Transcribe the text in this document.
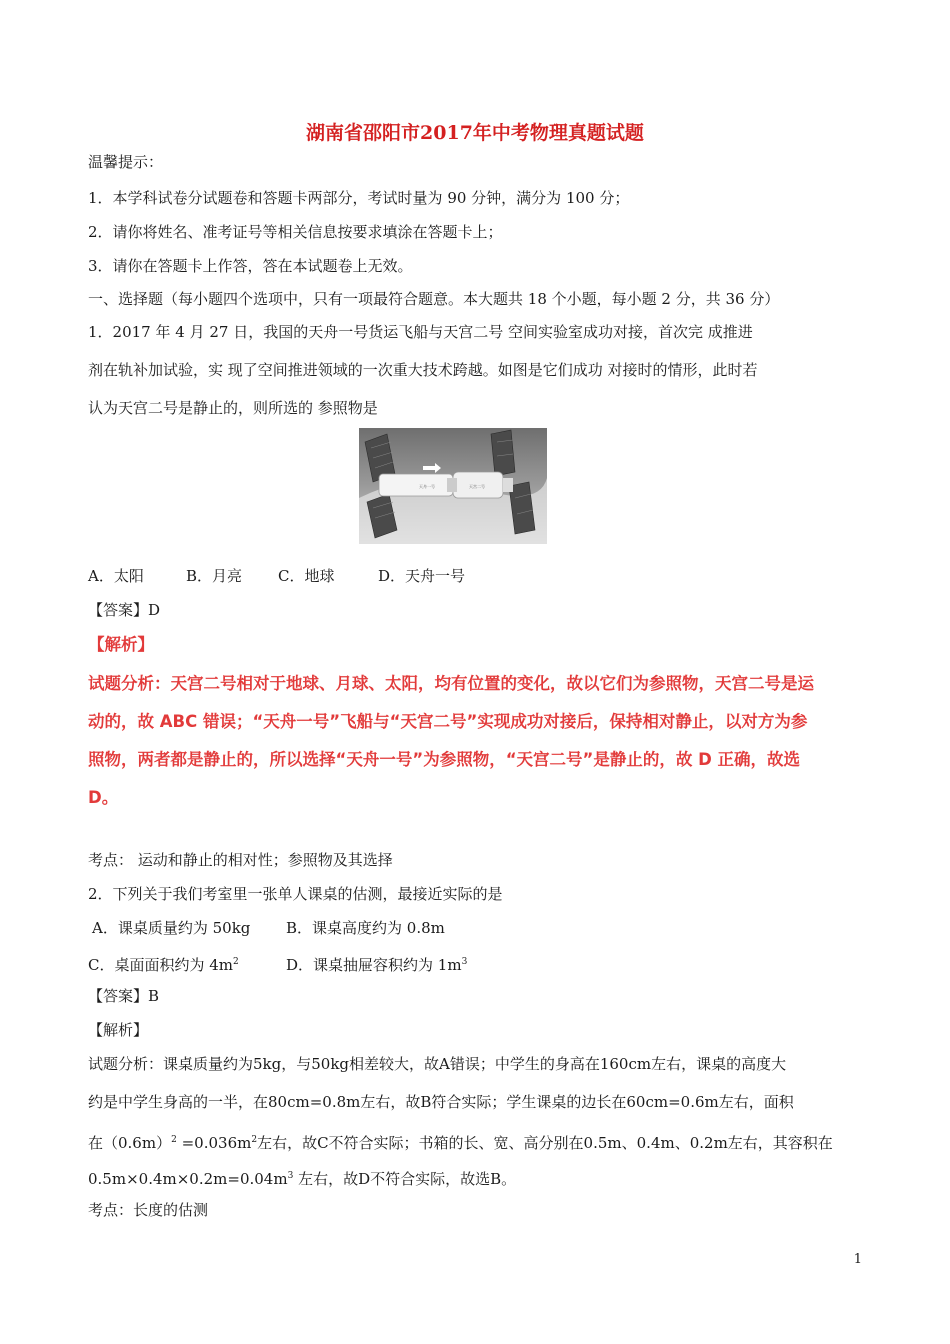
湖南省邵阳市2017年中考物理真题试题
温馨提示：
1．本学科试卷分试题卷和答题卡两部分，考试时量为 90 分钟，满分为 100 分；
2．请你将姓名、准考证号等相关信息按要求填涂在答题卡上；
3．请你在答题卡上作答，答在本试题卷上无效。
一、选择题（每小题四个选项中，只有一项最符合题意。本大题共 18 个小题，每小题 2 分，共 36 分）
1．2017 年 4 月 27 日，我国的天舟一号货运飞船与天宫二号 空间实验室成功对接，首次完 成推进
剂在轨补加试验，实 现了空间推进领域的一次重大技术跨越。如图是它们成功 对接时的情形，此时若
认为天宫二号是静止的，则所选的 参照物是
天舟一号	天宫二号
A．太阳	B．月亮 C．地球	D．天舟一号
【答案】D
【解析】
试题分析：天宫二号相对于地球、月球、太阳，均有位置的变化，故以它们为参照物，天宫二号是运
动的，故 ABC 错误；“天舟一号”飞船与“天宫二号”实现成功对接后，保持相对静止，以对方为参
照物，两者都是静止的，所以选择“天舟一号”为参照物，“天宫二号”是静止的，故 D 正确，故选
D。
考点： 运动和静止的相对性；参照物及其选择
2．下列关于我们考室里一张单人课桌的估测，最接近实际的是
A．课桌质量约为 50kg B．课桌高度约为 0.8m
C．桌面面积约为 $4m^2$	D．课桌抽屉容积约为 $1m^3$
【答案】B
【解析】
试题分析：课桌质量约为5kg，与50kg相差较大，故A错误；中学生的身高在160cm左右，课桌的高度大
约是中学生身高的一半，在80cm=0.8m左右，故B符合实际；学生课桌的边长在60cm=0.6m左右，面积
在$(0.6m)^2 =0.036m^2$左右，故C不符合实际；书箱的长、宽、高分别在0.5m、0.4m、0.2m左右，其容积在
$0.5m\times 0.4m\times 0.2m=0.04m^3$ 左右，故D不符合实际，故选B。
考点：长度的估测
1
